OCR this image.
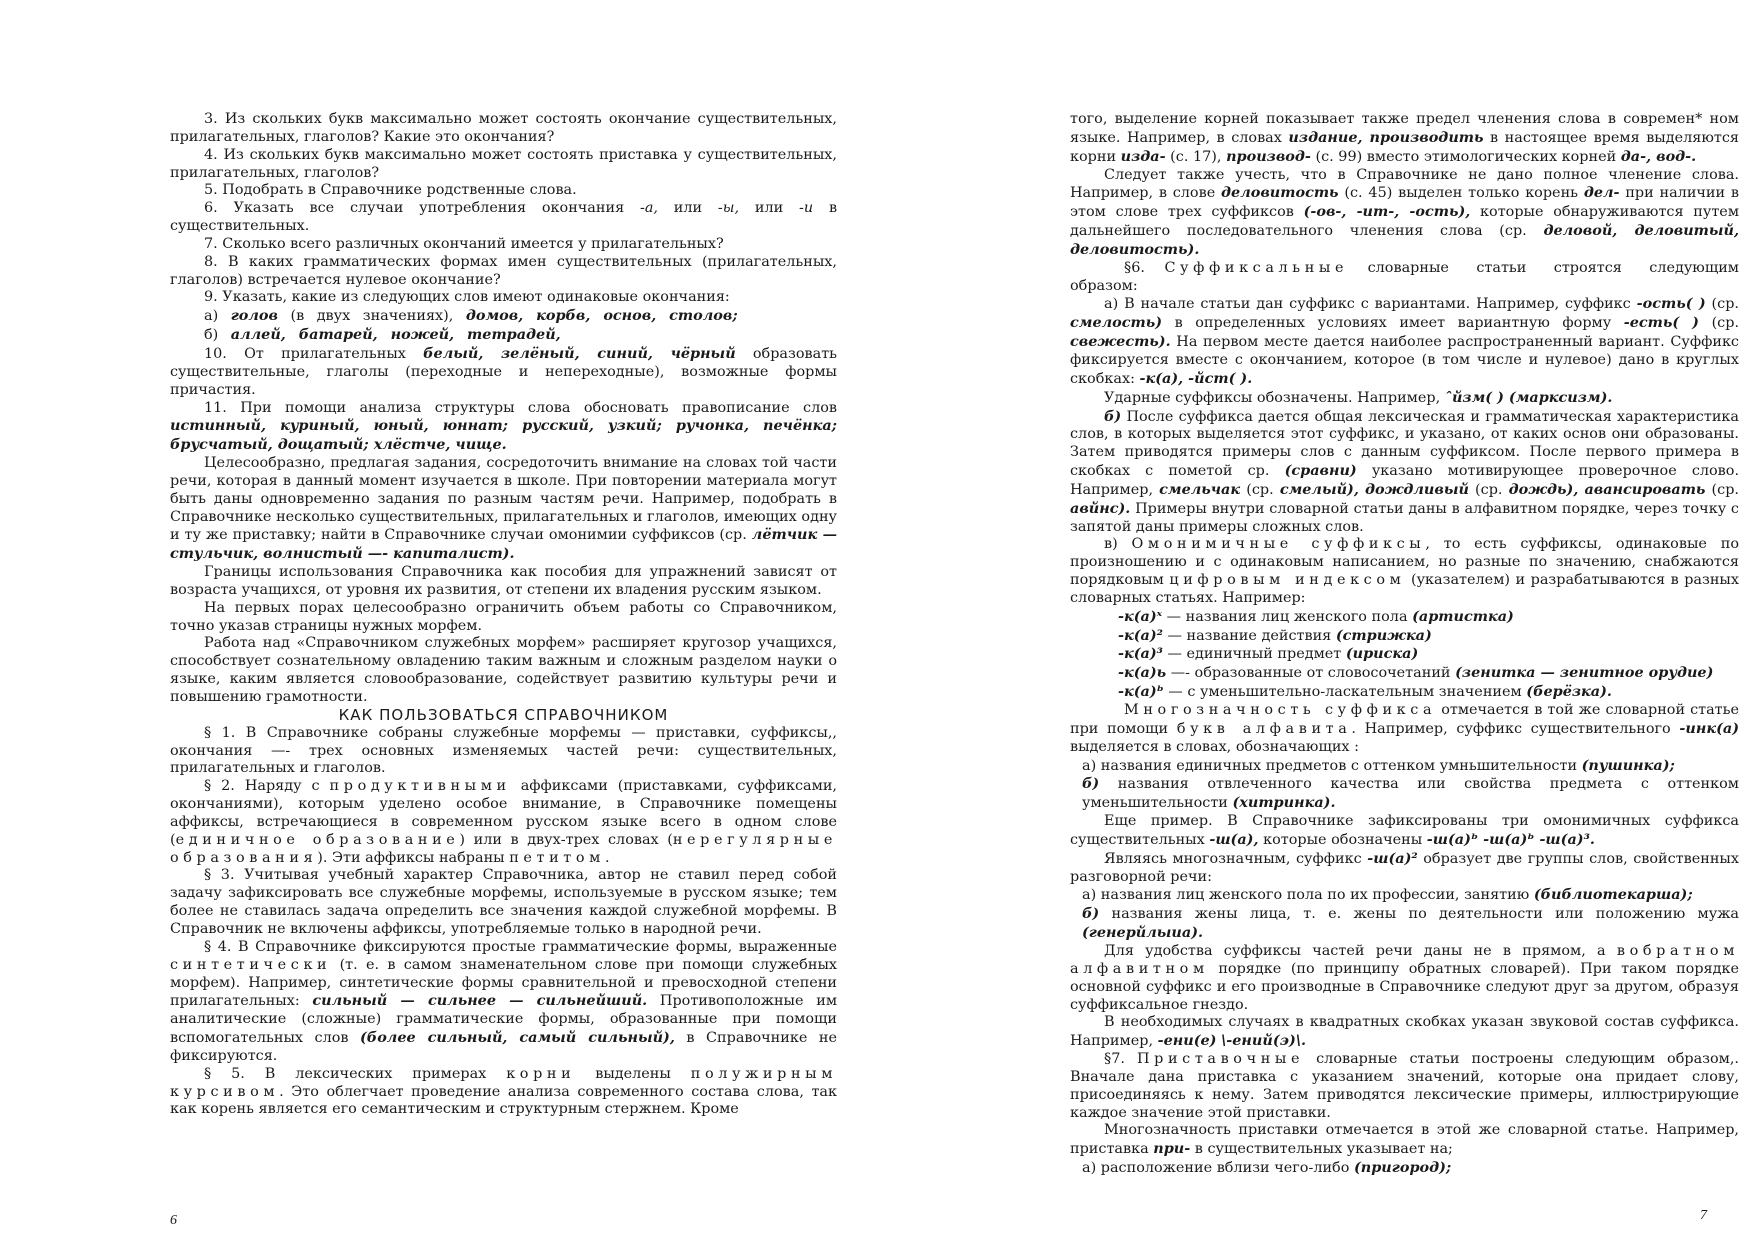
3. Из скольких букв максимально может состоять окончание существительных, прилагательных, глаголов? Какие это окончания?

4. Из скольких букв максимально может состоять приставка у существительных, прилагательных, глаголов?

5. Подобрать в Справочнике родственные слова.

6. Указать все случаи употребления окончания -а, или -ы, или -и в существительных.

7. Сколько всего различных окончаний имеется у прилагательных?

8. В каких грамматических формах имен существительных (прилагательных, глаголов) встречается нулевое окончание?

9. Указать, какие из следующих слов имеют одинаковые окончания:

а) голов (в двух значениях), домов, корбв, основ, столов;

б) аллей, батарей, ножей, тетрадей,

10. От прилагательных белый, зелёный, синий, чёрный образовать существительные, глаголы (переходные и непереходные), возможные формы причастия.

11. При помощи анализа структуры слова обосновать правописание слов истинный, куриный, юный, юннат; русский, узкий; ручонка, печёнка; брусчатый, дощатый; хлёстче, чище.

Целесообразно, предлагая задания, сосредоточить внимание на словах той части речи, которая в данный момент изучается в школе. При повторении материала могут быть даны одновременно задания по разным частям речи. Например, подобрать в Справочнике несколько существительных, прилагательных и глаголов, имеющих одну и ту же приставку; найти в Справочнике случаи омонимии суффиксов (ср. лётчик — стульчик, волнистый —- капиталист).

Границы использования Справочника как пособия для упражнений зависят от возраста учащихся, от уровня их развития, от степени их владения русским языком.

На первых порах целесообразно ограничить объем работы со Справочником, точно указав страницы нужных морфем.

Работа над «Справочником служебных морфем» расширяет кругозор учащихся, способствует сознательному овладению таким важным и сложным разделом науки о языке, каким является словообразование, содействует развитию культуры речи и повышению грамотности.

КАК ПОЛЬЗОВАТЬСЯ СПРАВОЧНИКОМ

§ 1. В Справочнике собраны служебные морфемы — приставки, суффиксы,, окончания —- трех основных изменяемых частей речи: существительных, прилагательных и глаголов.

§ 2. Наряду с продуктивными аффиксами (приставками, суффиксами, окончаниями), которым уделено особое внимание, в Справочнике помещены аффиксы, встречающиеся в современном русском языке всего в одном слове (единичное образование) или в двух-трех словах (нерегулярные образования). Эти аффиксы набраны петитом.

§ 3. Учитывая учебный характер Справочника, автор не ставил перед собой задачу зафиксировать все служебные морфемы, используемые в русском языке; тем более не ставилась задача определить все значения каждой служебной морфемы. В Справочник не включены аффиксы, употребляемые только в народной речи.

§ 4. В Справочнике фиксируются простые грамматические формы, выраженные синтетически (т. е. в самом знаменательном слове при помощи служебных морфем). Например, синтетические формы сравнительной и превосходной степени прилагательных: сильный — сильнее — сильнейший. Противоположные им аналитические (сложные) грамматические формы, образованные при помощи вспомогательных слов (более сильный, самый сильный), в Справочнике не фиксируются.

§ 5. В лексических примерах корни выделены полужирным курсивом. Это облегчает проведение анализа современного состава слова, так как корень является его семантическим и структурным стержнем. Кроме

6

того, выделение корней показывает также предел членения слова в современ* ном языке. Например, в словах издание, производить в настоящее время выделяются корни изда- (с. 17), производ- (с. 99) вместо этимологических корней да-, вод-.

Следует также учесть, что в Справочнике не дано полное членение слова. Например, в слове деловитость (с. 45) выделен только корень дел- при наличии в этом слове трех суффиксов (-ов-, -ит-, -ость), которые обнаруживаются путем дальнейшего последовательного членения слова (ср. деловой, деловитый, деловитость).

§6. Суффиксальные словарные статьи строятся следующим образом:

а) В начале статьи дан суффикс с вариантами. Например, суффикс -ость( ) (ср. смелость) в определенных условиях имеет вариантную форму -есть( ) (ср. свежесть). На первом месте дается наиболее распространенный вариант. Суффикс фиксируется вместе с окончанием, которое (в том числе и нулевое) дано в круглых скобках: -к(а), -йст( ).

Ударные суффиксы обозначены. Например, ˆйзм( ) (марксизм).

б) После суффикса дается общая лексическая и грамматическая характеристика слов, в которых выделяется этот суффикс, и указано, от каких основ они образованы. Затем приводятся примеры слов с данным суффиксом. После первого примера в скобках с пометой ср. (сравни) указано мотивирующее проверочное слово. Например, смельчак (ср. смелый), дождливый (ср. дождь), авансировать (ср. авйнс). Примеры внутри словарной статьи даны в алфавитном порядке, через точку с запятой даны примеры сложных слов.

в) Омонимичные суффиксы, то есть суффиксы, одинаковые по произношению и с одинаковым написанием, но разные по значению, снабжаются порядковым цифровым индексом (указателем) и разрабатываются в разных словарных статьях. Например:

-к(а)ˣ — названия лиц женского пола (артистка)

-к(а)² — название действия (стрижка)

-к(а)³ — единичный предмет (ириска)

-к(а)ь —- образованные от словосочетаний (зенитка — зенитное орудие)

-к(а)ᵇ — с уменьшительно-ласкательным значением (берёзка).

Многозначность суффикса отмечается в той же словарной статье при помощи букв алфавита. Например, суффикс существительного -инк(а) выделяется в словах, обозначающих :

а) названия единичных предметов с оттенком умньшительности (пушинка);

б) названия отвлеченного качества или свойства предмета с оттенком уменьшительности (хитринка).

Еще пример. В Справочнике зафиксированы три омонимичных суффикса существительных -ш(а), которые обозначены -ш(а)ᵇ -ш(а)ᵇ -ш(а)³.

Являясь многозначным, суффикс -ш(а)² образует две группы слов, свойственных разговорной речи:

а) названия лиц женского пола по их профессии, занятию (библиотекарша);

б) названия жены лица, т. е. жены по деятельности или положению мужа (генерйлыиа).

Для удобства суффиксы частей речи даны не в прямом, а вобратном алфавитном порядке (по принципу обратных словарей). При таком порядке основной суффикс и его производные в Справочнике следуют друг за другом, образуя суффиксальное гнездо.

В необходимых случаях в квадратных скобках указан звуковой состав суффикса. Например, -ени(е) \-ений(э)\.

§7. Приставочные словарные статьи построены следующим образом,. Вначале дана приставка с указанием значений, которые она придает слову, присоединяясь к нему. Затем приводятся лексические примеры, иллюстрирующие каждое значение этой приставки.

Многозначность приставки отмечается в этой же словарной статье. Например, приставка при- в существительных указывает на;

а) расположение вблизи чего-либо (пригород);

7
